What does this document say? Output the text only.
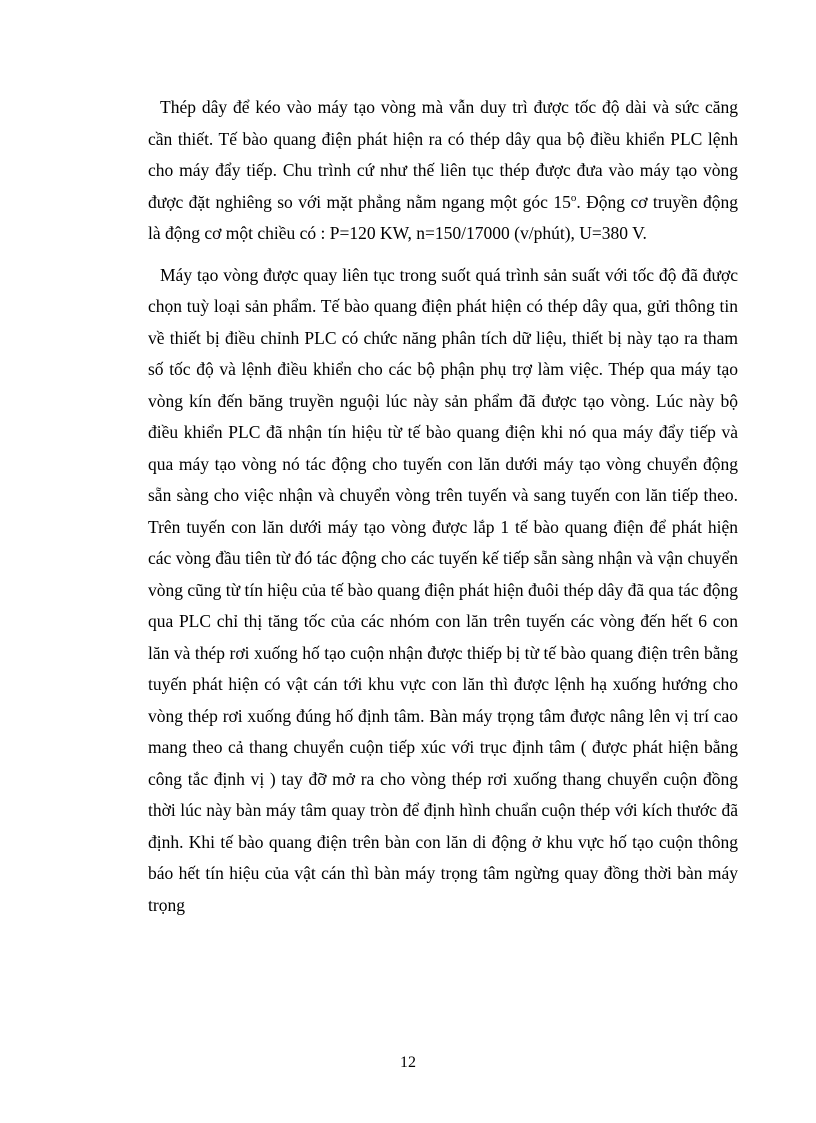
Thép dây để kéo vào máy tạo vòng mà vẫn duy trì được tốc độ dài và sức căng cần thiết. Tế bào quang điện phát hiện ra có thép dây qua bộ điều khiển PLC lệnh cho máy đẩy tiếp. Chu trình cứ như thế liên tục thép được đưa vào máy tạo vòng được đặt nghiêng so với mặt phẳng nằm ngang một góc 15$^o$. Động cơ truyền động là động cơ một chiều có : P=120 KW, n=150/17000 (v/phút), U=380 V.

Máy tạo vòng được quay liên tục trong suốt quá trình sản suất với tốc độ đã được chọn tuỳ loại sản phẩm. Tế bào quang điện phát hiện có thép dây qua, gửi thông tin về thiết bị điều chỉnh PLC có chức năng phân tích dữ liệu, thiết bị này tạo ra tham số tốc độ và lệnh điều khiển cho các bộ phận phụ trợ làm việc. Thép qua máy tạo vòng kín đến băng truyền nguội lúc này sản phẩm đã được tạo vòng. Lúc này bộ điều khiển PLC đã nhận tín hiệu từ tế bào quang điện khi nó qua máy đẩy tiếp và qua máy tạo vòng nó tác động cho tuyến con lăn dưới máy tạo vòng chuyển động sẵn sàng cho việc nhận và chuyển vòng trên tuyến và sang tuyến con lăn tiếp theo. Trên tuyến con lăn dưới máy tạo vòng được lắp 1 tế bào quang điện để phát hiện các vòng đầu tiên từ đó tác động cho các tuyến kế tiếp sẵn sàng nhận và vận chuyển vòng cũng từ tín hiệu của tế bào quang điện phát hiện đuôi thép dây đã qua tác động qua PLC chỉ thị tăng tốc của các nhóm con lăn trên tuyến các vòng đến hết 6 con lăn và thép rơi xuống hố tạo cuộn nhận được thiếp bị từ tế bào quang điện trên bằng tuyến phát hiện có vật cán tới khu vực con lăn thì được lệnh hạ xuống hướng cho vòng thép rơi xuống đúng hố định tâm. Bàn máy trọng tâm được nâng lên vị trí cao mang theo cả thang chuyển cuộn tiếp xúc với trục định tâm ( được phát hiện bằng công tắc định vị ) tay đỡ mở ra cho vòng thép rơi xuống thang chuyển cuộn đồng thời lúc này bàn máy tâm quay tròn để định hình chuẩn cuộn thép với kích thước đã định. Khi tế bào quang điện trên bàn con lăn di động ở khu vực hố tạo cuộn thông báo hết tín hiệu của vật cán thì bàn máy trọng tâm ngừng quay đồng thời bàn máy trọng

12
